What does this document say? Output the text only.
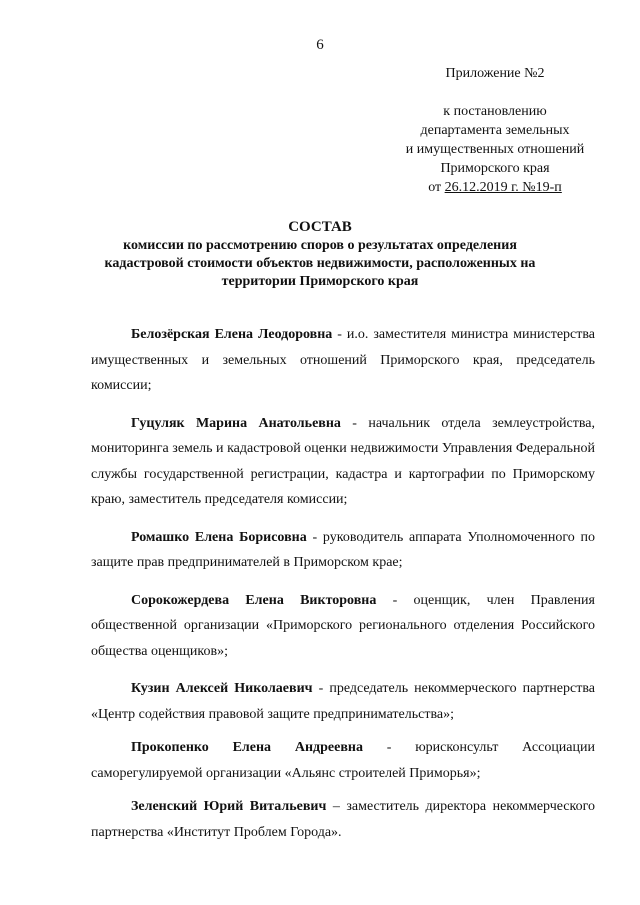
6
Приложение №2
к постановлению
департамента земельных
и имущественных отношений
Приморского края
от 26.12.2019 г. №19-п
СОСТАВ
комиссии по рассмотрению споров о результатах определения кадастровой стоимости объектов недвижимости, расположенных на территории Приморского края

Белозёрская Елена Леодоровна - и.о. заместителя министра министерства имущественных и земельных отношений Приморского края, председатель комиссии;

Гуцуляк Марина Анатольевна - начальник отдела землеустройства, мониторинга земель и кадастровой оценки недвижимости Управления Федеральной службы государственной регистрации, кадастра и картографии по Приморскому краю, заместитель председателя комиссии;

Ромашко Елена Борисовна - руководитель аппарата Уполномоченного по защите прав предпринимателей в Приморском крае;

Сорокожердева Елена Викторовна - оценщик, член Правления общественной организации «Приморского регионального отделения Российского общества оценщиков»;

Кузин Алексей Николаевич - председатель некоммерческого партнерства «Центр содействия правовой защите предпринимательства»;

Прокопенко Елена Андреевна - юрисконсульт Ассоциации саморегулируемой организации «Альянс строителей Приморья»;

Зеленский Юрий Витальевич – заместитель директора некоммерческого партнерства «Институт Проблем Города».
